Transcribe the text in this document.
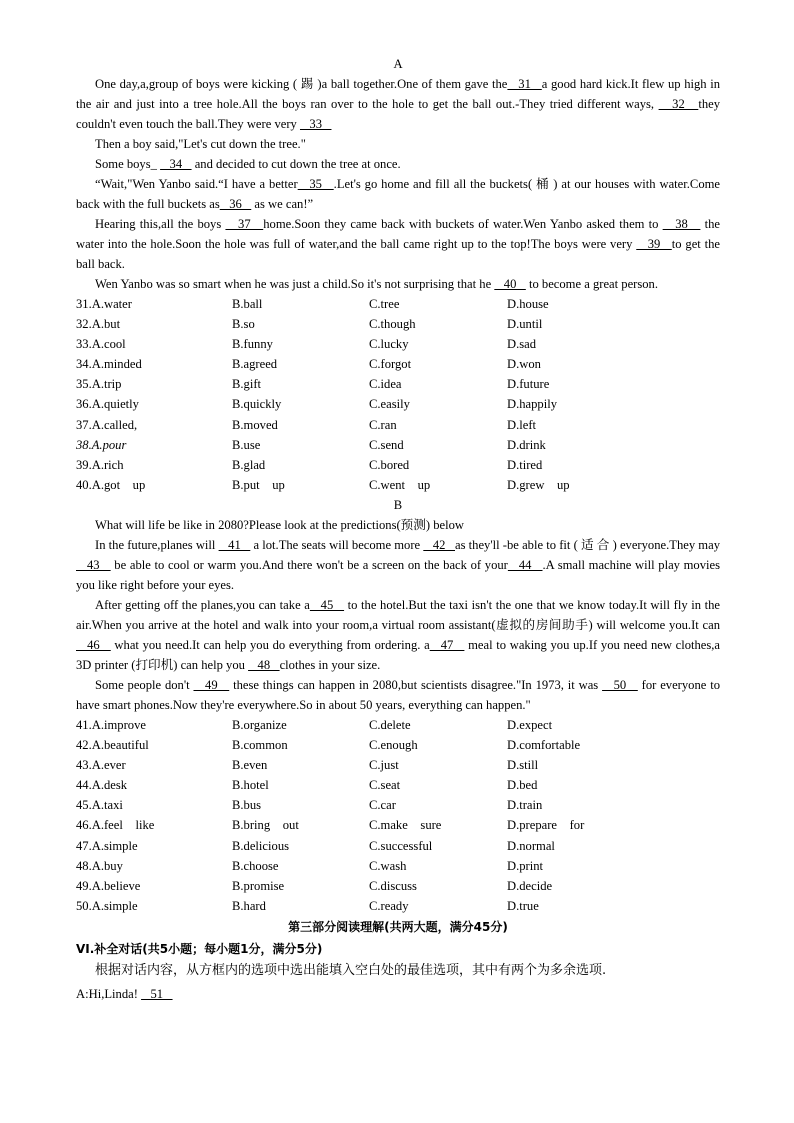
A

One day,a,group of boys were kicking ( 踢 )a ball together.One of them gave the   31   a good hard kick.It flew up high in the air and just into a tree hole.All the boys ran over to the hole to get the ball out.-They tried different ways,    32   they couldn't even touch the ball.They were very    33

Then a boy said,"Let's cut down the tree."

Some boys_    34    and decided to cut down the tree at once.

“Wait,"Wen Yanbo said.“I have a better   35   .Let's go home and fill all the buckets( 桶 ) at our houses with water.Come back with the full buckets as   36    as we can!”

Hearing this,all the boys    37   home.Soon they came back with buckets of water.Wen Yanbo asked them to    38    the water into the hole.Soon the hole was full of water,and the ball came right up to the top!The boys were very    39   to get the ball back.

Wen Yanbo was so smart when he was just a child.So it's not surprising that he    40    to become a great person.

31.A.water	B.ball	C.tree	D.house
32.A.but	B.so	C.though	D.until
33.A.cool	B.funny	C.lucky	D.sad
34.A.minded	B.agreed	C.forgot	D.won
35.A.trip	B.gift	C.idea	D.future
36.A.quietly	B.quickly	C.easily	D.happily
37.A.called,	B.moved	C.ran	D.left
38.A.pour	B.use	C.send	D.drink
39.A.rich	B.glad	C.bored	D.tired
40.A.got    up	B.put    up	C.went    up	D.grew    up
B

What will life be like in 2080?Please look at the predictions(预测) below

In the future,planes will    41    a lot.The seats will become more    42   as they'll -be able to fit ( 适 合 ) everyone.They may   43    be able to cool or warm you.And there won't be a screen on the back of your   44   .A small machine will play movies you like right before your eyes.

After getting off the planes,you can take a   45    to the hotel.But the taxi isn't the one that we know today.It will fly in the air.When you arrive at the hotel and walk into your room,a virtual room assistant(虚拟的房间助手) will welcome you.It can   46    what you need.It can help you do everything from ordering. a   47    meal to waking you up.If you need new clothes,a 3D printer (打印机) can help you    48   clothes in your size.

Some people don't    49    these things can happen in 2080,but scientists disagree."In 1973, it was    50    for everyone to have smart phones.Now they're everywhere.So in about 50 years, everything can happen."

41.A.improve	B.organize	C.delete	D.expect
42.A.beautiful	B.common	C.enough	D.comfortable
43.A.ever	B.even	C.just	D.still
44.A.desk	B.hotel	C.seat	D.bed
45.A.taxi	B.bus	C.car	D.train
46.A.feel    like	B.bring    out	C.make    sure	D.prepare    for
47.A.simple	B.delicious	C.successful	D.normal
48.A.buy	B.choose	C.wash	D.print
49.A.believe	B.promise	C.discuss	D.decide
50.A.simple	B.hard	C.ready	D.true
第三部分阅读理解(共两大题，满分45分)
VI.补全对话(共5小题；每小题1分，满分5分)
根据对话内容，从方框内的选项中选出能填入空白处的最佳选项，其中有两个为多余选项.

A:Hi,Linda!    51
